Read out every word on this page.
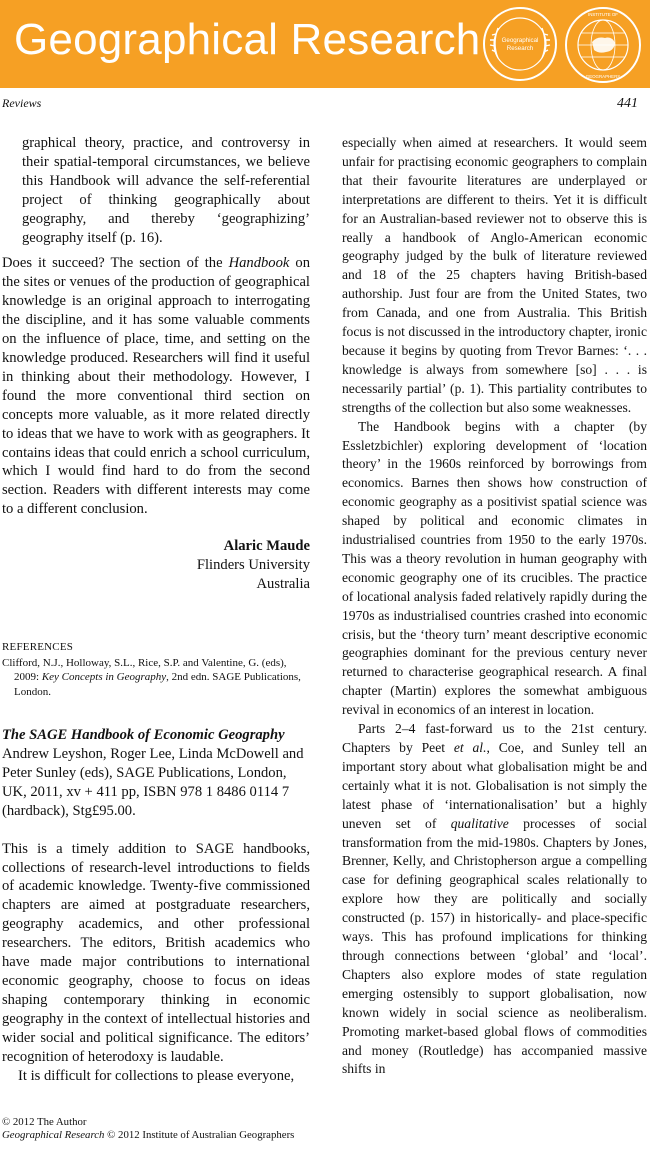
Geographical Research	Geographical
Research
INSTITUTE OF
GEOGRAPHERS
Reviews	441

graphical theory, practice, and controversy in their spatial-temporal circumstances, we believe this Handbook will advance the self-referential project of thinking geographically about geography, and thereby ‘geographizing’ geography itself (p. 16).

Does it succeed? The section of the Handbook on the sites or venues of the production of geographical knowledge is an original approach to interrogating the discipline, and it has some valuable comments on the influence of place, time, and setting on the knowledge produced. Researchers will find it useful in thinking about their methodology. However, I found the more conventional third section on concepts more valuable, as it more related directly to ideas that we have to work with as geographers. It contains ideas that could enrich a school curriculum, which I would find hard to do from the second section. Readers with different interests may come to a different conclusion.

Alaric Maude
Flinders University
Australia
REFERENCES
Clifford, N.J., Holloway, S.L., Rice, S.P. and Valentine, G. (eds), 2009: Key Concepts in Geography, 2nd edn. SAGE Publications, London.
The SAGE Handbook of Economic Geography
Andrew Leyshon, Roger Lee, Linda McDowell and Peter Sunley (eds), SAGE Publications, London, UK, 2011, xv + 411 pp, ISBN 978 1 8486 0114 7 (hardback), Stg£95.00.

This is a timely addition to SAGE handbooks, collections of research-level introductions to fields of academic knowledge. Twenty-five commissioned chapters are aimed at postgraduate researchers, geography academics, and other professional researchers. The editors, British academics who have made major contributions to international economic geography, choose to focus on ideas shaping contemporary thinking in economic geography in the context of intellectual histories and wider social and political significance. The editors’ recognition of heterodoxy is laudable.

It is difficult for collections to please everyone,

especially when aimed at researchers. It would seem unfair for practising economic geographers to complain that their favourite literatures are underplayed or interpretations are different to theirs. Yet it is difficult for an Australian-based reviewer not to observe this is really a handbook of Anglo-American economic geography judged by the bulk of literature reviewed and 18 of the 25 chapters having British-based authorship. Just four are from the United States, two from Canada, and one from Australia. This British focus is not discussed in the introductory chapter, ironic because it begins by quoting from Trevor Barnes: ‘. . . knowledge is always from somewhere [so] . . . is necessarily partial’ (p. 1). This partiality contributes to strengths of the collection but also some weaknesses.

The Handbook begins with a chapter (by Essletzbichler) exploring development of ‘location theory’ in the 1960s reinforced by borrowings from economics. Barnes then shows how construction of economic geography as a positivist spatial science was shaped by political and economic climates in industrialised countries from 1950 to the early 1970s. This was a theory revolution in human geography with economic geography one of its crucibles. The practice of locational analysis faded relatively rapidly during the 1970s as industrialised countries crashed into economic crisis, but the ‘theory turn’ meant descriptive economic geographies dominant for the previous century never returned to characterise geographical research. A final chapter (Martin) explores the somewhat ambiguous revival in economics of an interest in location.

Parts 2–4 fast-forward us to the 21st century. Chapters by Peet et al., Coe, and Sunley tell an important story about what globalisation might be and certainly what it is not. Globalisation is not simply the latest phase of ‘internationalisation’ but a highly uneven set of qualitative processes of social transformation from the mid-1980s. Chapters by Jones, Brenner, Kelly, and Christopherson argue a compelling case for defining geographical scales relationally to explore how they are politically and socially constructed (p. 157) in historically- and place-specific ways. This has profound implications for thinking through connections between ‘global’ and ‘local’. Chapters also explore modes of state regulation emerging ostensibly to support globalisation, now known widely in social science as neoliberalism. Promoting market-based global flows of commodities and money (Routledge) has accompanied massive shifts in

© 2012 The Author
Geographical Research © 2012 Institute of Australian Geographers
